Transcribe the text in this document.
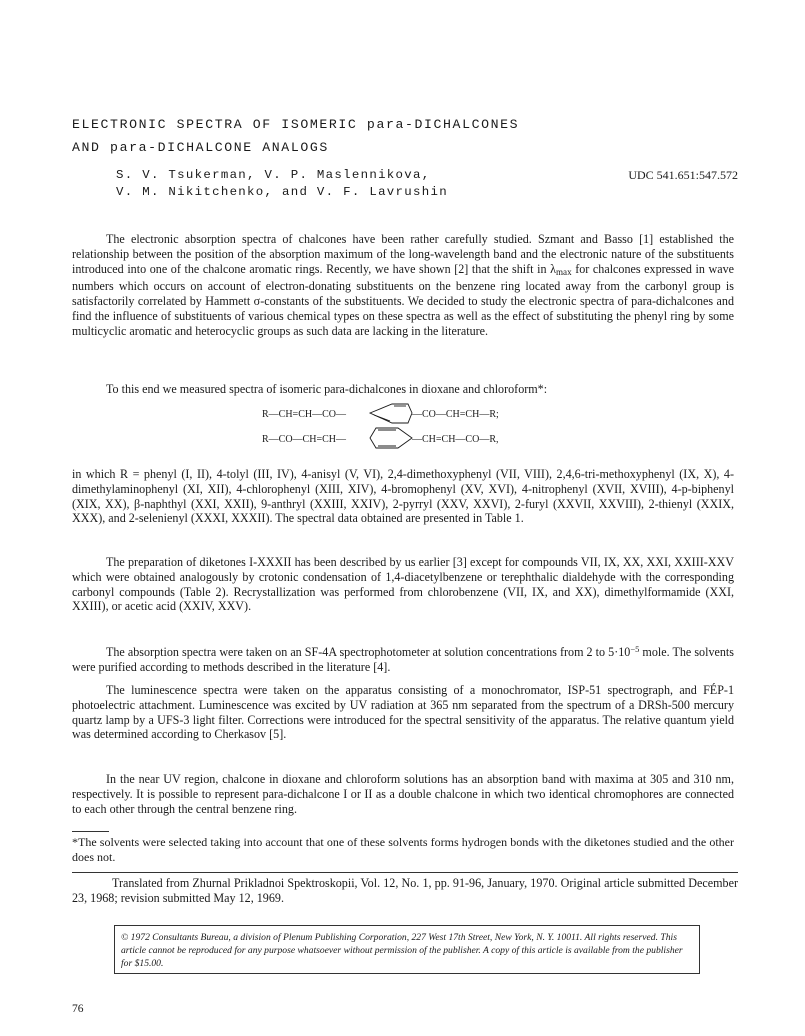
ELECTRONIC SPECTRA OF ISOMERIC para-DICHALCONES
AND para-DICHALCONE ANALOGS
S. V. Tsukerman, V. P. Maslennikova,
V. M. Nikitchenko, and V. F. Lavrushin
UDC 541.651:547.572

The electronic absorption spectra of chalcones have been rather carefully studied. Szmant and Basso [1] established the relationship between the position of the absorption maximum of the long-wavelength band and the electronic nature of the substituents introduced into one of the chalcone aromatic rings. Recently, we have shown [2] that the shift in $\lambda_{max}$ for chalcones expressed in wave numbers which occurs on account of electron-donating substituents on the benzene ring located away from the carbonyl group is satisfactorily correlated by Hammett σ-constants of the substituents. We decided to study the electronic spectra of para-dichalcones and find the influence of substituents of various chemical types on these spectra as well as the effect of substituting the phenyl ring by some multicyclic aromatic and heterocyclic groups as such data are lacking in the literature.

To this end we measured spectra of isomeric para-dichalcones in dioxane and chloroform*:

R—CH=CH—CO—	—CO—CH=CH—R;
R—CO—CH=CH—	—CH=CH—CO—R,

in which R = phenyl (I, II), 4-tolyl (III, IV), 4-anisyl (V, VI), 2,4-dimethoxyphenyl (VII, VIII), 2,4,6-tri-methoxyphenyl (IX, X), 4-dimethylaminophenyl (XI, XII), 4-chlorophenyl (XIII, XIV), 4-bromophenyl (XV, XVI), 4-nitrophenyl (XVII, XVIII), 4-p-biphenyl (XIX, XX), β-naphthyl (XXI, XXII), 9-anthryl (XXIII, XXIV), 2-pyrryl (XXV, XXVI), 2-furyl (XXVII, XXVIII), 2-thienyl (XXIX, XXX), and 2-selenienyl (XXXI, XXXII). The spectral data obtained are presented in Table 1.

The preparation of diketones I-XXXII has been described by us earlier [3] except for compounds VII, IX, XX, XXI, XXIII-XXV which were obtained analogously by crotonic condensation of 1,4-diacetylbenzene or terephthalic dialdehyde with the corresponding carbonyl compounds (Table 2). Recrystallization was performed from chlorobenzene (VII, IX, and XX), dimethylformamide (XXI, XXIII), or acetic acid (XXIV, XXV).

The absorption spectra were taken on an SF-4A spectrophotometer at solution concentrations from 2 to $5\cdot 10^{-5}$ mole. The solvents were purified according to methods described in the literature [4].

The luminescence spectra were taken on the apparatus consisting of a monochromator, ISP-51 spectrograph, and FÉP-1 photoelectric attachment. Luminescence was excited by UV radiation at 365 nm separated from the spectrum of a DRSh-500 mercury quartz lamp by a UFS-3 light filter. Corrections were introduced for the spectral sensitivity of the apparatus. The relative quantum yield was determined according to Cherkasov [5].

In the near UV region, chalcone in dioxane and chloroform solutions has an absorption band with maxima at 305 and 310 nm, respectively. It is possible to represent para-dichalcone I or II as a double chalcone in which two identical chromophores are connected to each other through the central benzene ring.

*The solvents were selected taking into account that one of these solvents forms hydrogen bonds with the diketones studied and the other does not.
Translated from Zhurnal Prikladnoi Spektroskopii, Vol. 12, No. 1, pp. 91-96, January, 1970. Original article submitted December 23, 1968; revision submitted May 12, 1969.
© 1972 Consultants Bureau, a division of Plenum Publishing Corporation, 227 West 17th Street, New York, N. Y. 10011. All rights reserved. This article cannot be reproduced for any purpose whatsoever without permission of the publisher. A copy of this article is available from the publisher for $15.00.
76
